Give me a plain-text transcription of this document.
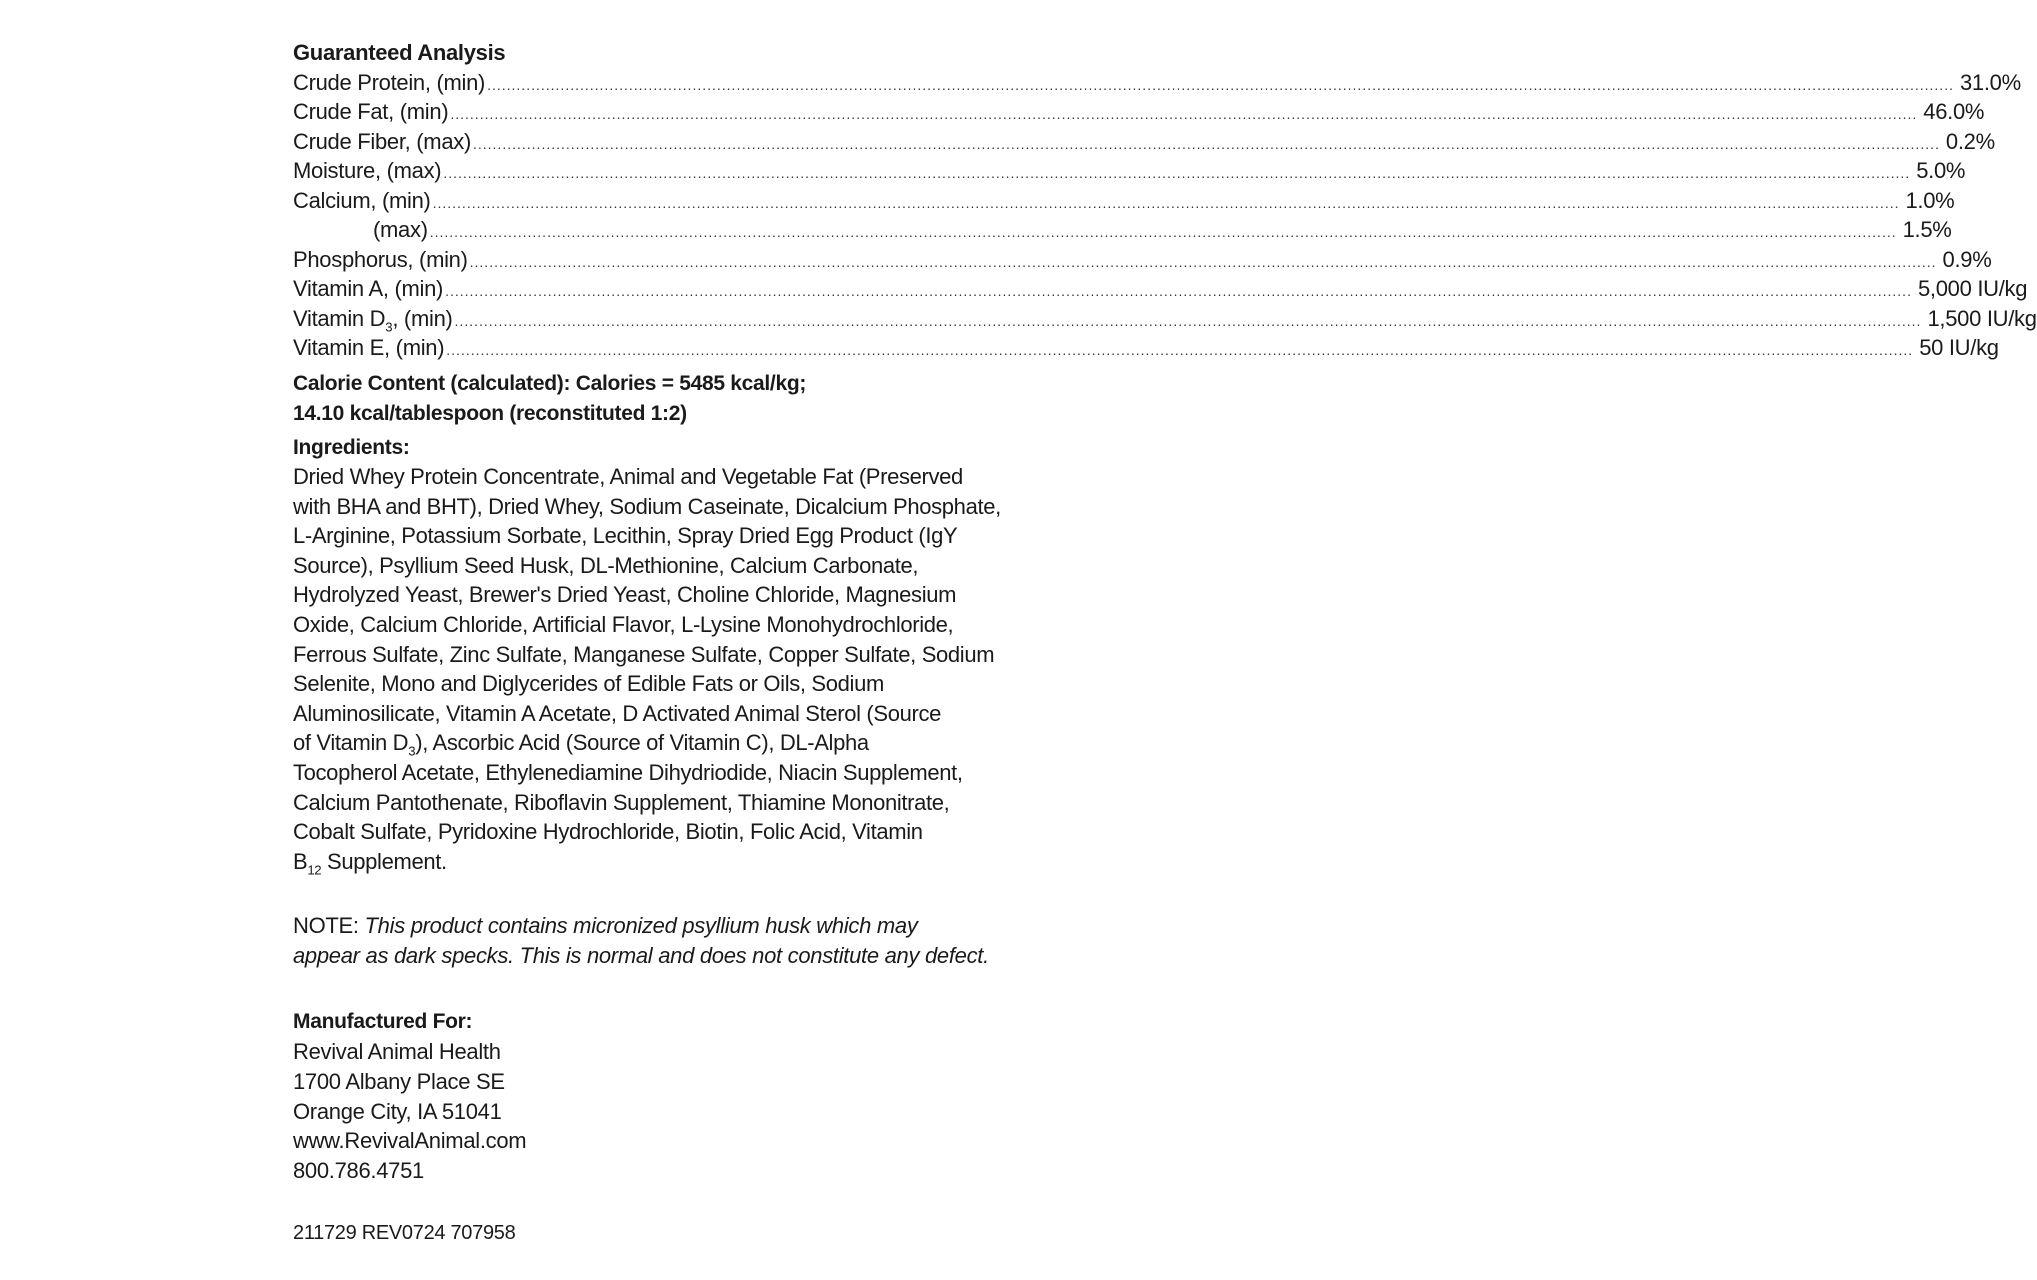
Guaranteed Analysis
Crude Protein, (min) ............................................................................................................................................................................................................................................................................................................ 31.0%
Crude Fat, (min) ............................................................................................................................................................................................................................................................................................................ 46.0%
Crude Fiber, (max) ............................................................................................................................................................................................................................................................................................................ 0.2%
Moisture, (max) ............................................................................................................................................................................................................................................................................................................ 5.0%
Calcium, (min) ............................................................................................................................................................................................................................................................................................................ 1.0%
(max) ............................................................................................................................................................................................................................................................................................................ 1.5%
Phosphorus, (min) ............................................................................................................................................................................................................................................................................................................ 0.9%
Vitamin A, (min) ............................................................................................................................................................................................................................................................................................................ 5,000 IU/kg
Vitamin $D_3$, (min) ............................................................................................................................................................................................................................................................................................................ 1,500 IU/kg
Vitamin E, (min) ............................................................................................................................................................................................................................................................................................................ 50 IU/kg
Calorie Content (calculated): Calories = 5485 kcal/kg;
14.10 kcal/tablespoon (reconstituted 1:2)
Ingredients:
Dried Whey Protein Concentrate, Animal and Vegetable Fat (Preserved
with BHA and BHT), Dried Whey, Sodium Caseinate, Dicalcium Phosphate,
L-Arginine, Potassium Sorbate, Lecithin, Spray Dried Egg Product (IgY
Source), Psyllium Seed Husk, DL-Methionine, Calcium Carbonate,
Hydrolyzed Yeast, Brewer's Dried Yeast, Choline Chloride, Magnesium
Oxide, Calcium Chloride, Artificial Flavor, L-Lysine Monohydrochloride,
Ferrous Sulfate, Zinc Sulfate, Manganese Sulfate, Copper Sulfate, Sodium
Selenite, Mono and Diglycerides of Edible Fats or Oils, Sodium
Aluminosilicate, Vitamin A Acetate, D Activated Animal Sterol (Source
of Vitamin $D_3$), Ascorbic Acid (Source of Vitamin C), DL-Alpha
Tocopherol Acetate, Ethylenediamine Dihydriodide, Niacin Supplement,
Calcium Pantothenate, Riboflavin Supplement, Thiamine Mononitrate,
Cobalt Sulfate, Pyridoxine Hydrochloride, Biotin, Folic Acid, Vitamin
$B_{12}$ Supplement.
NOTE: This product contains micronized psyllium husk which may
appear as dark specks. This is normal and does not constitute any defect.
Manufactured For:
Revival Animal Health
1700 Albany Place SE
Orange City, IA 51041
www.RevivalAnimal.com
800.786.4751
211729 REV0724 707958
